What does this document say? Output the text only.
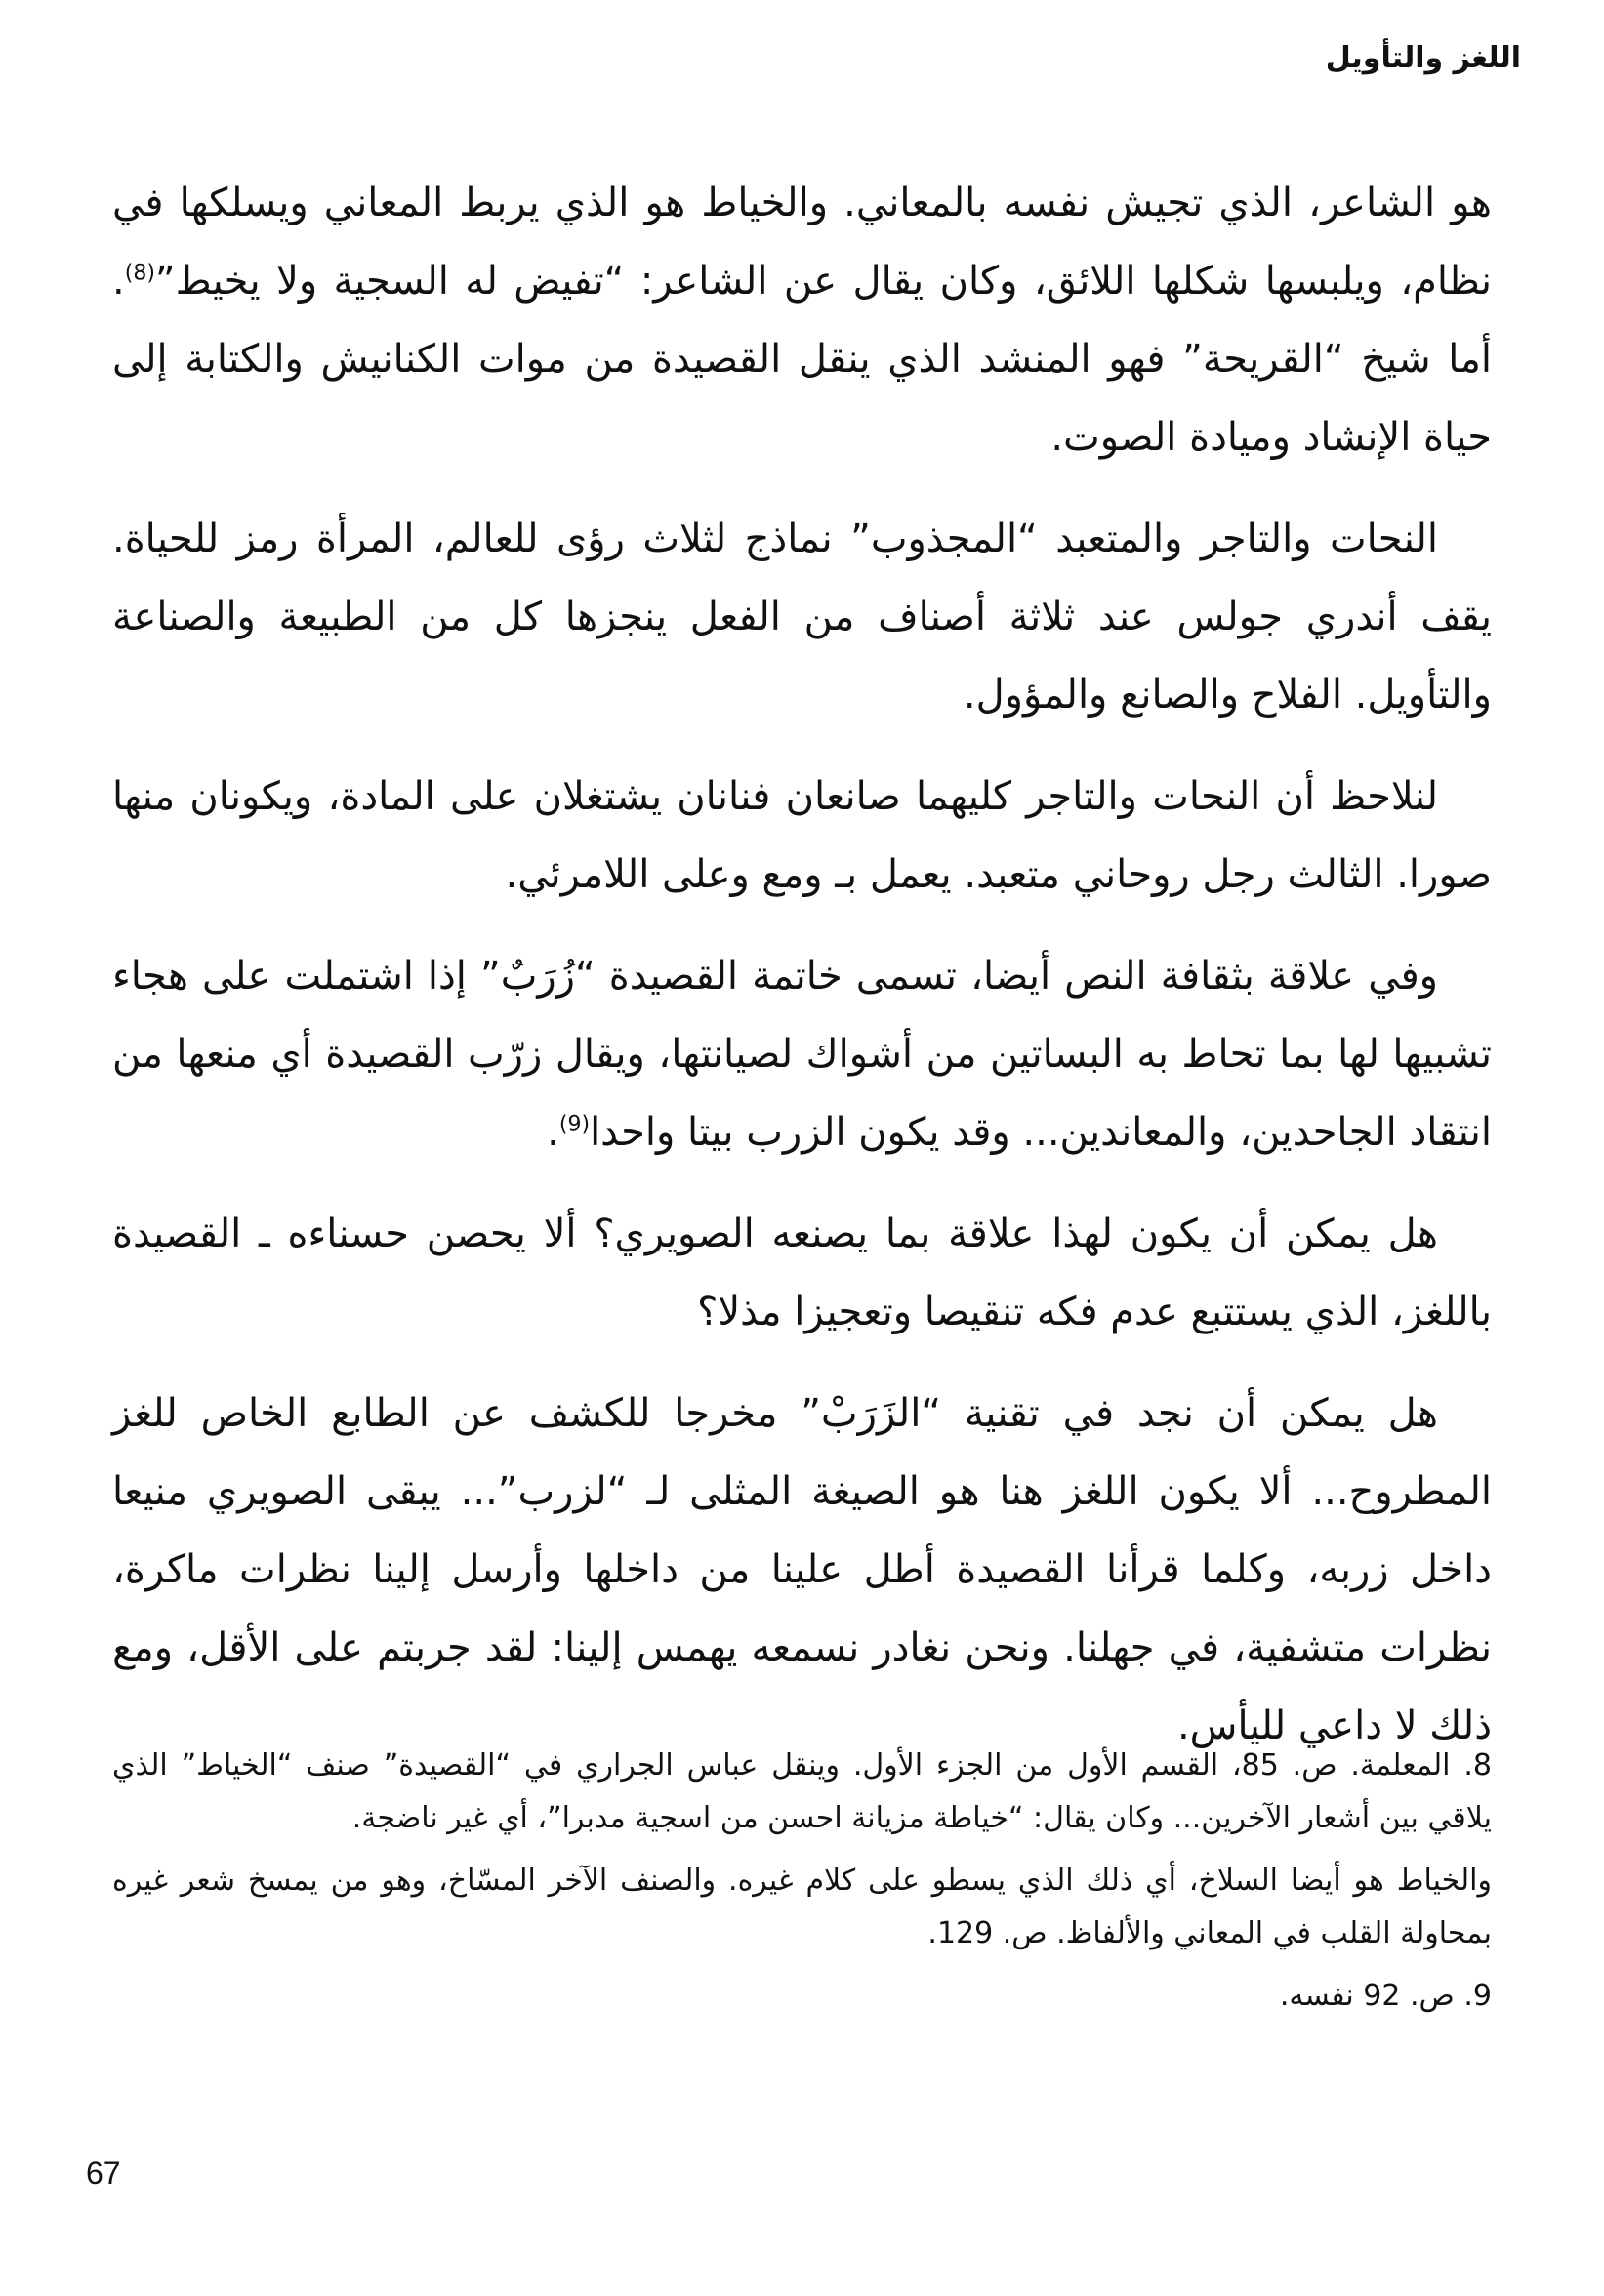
اللغز والتأويل

هو الشاعر، الذي تجيش نفسه بالمعاني. والخياط هو الذي يربط المعاني ويسلكها في نظام، ويلبسها شكلها اللائق، وكان يقال عن الشاعر: “تفيض له السجية ولا يخيط”$^{(8)}$. أما شيخ “القريحة” فهو المنشد الذي ينقل القصيدة من موات الكنانيش والكتابة إلى حياة الإنشاد وميادة الصوت.

النحات والتاجر والمتعبد “المجذوب” نماذج لثلاث رؤى للعالم، المرأة رمز للحياة. يقف أندري جولس عند ثلاثة أصناف من الفعل ينجزها كل من الطبيعة والصناعة والتأويل. الفلاح والصانع والمؤول.

لنلاحظ أن النحات والتاجر كليهما صانعان فنانان يشتغلان على المادة، ويكونان منها صورا. الثالث رجل روحاني متعبد. يعمل بـ ومع وعلى اللامرئي.

وفي علاقة بثقافة النص أيضا، تسمى خاتمة القصيدة “زُرَبٌ” إذا اشتملت على هجاء تشبيها لها بما تحاط به البساتين من أشواك لصيانتها، ويقال زرّب القصيدة أي منعها من انتقاد الجاحدين، والمعاندين... وقد يكون الزرب بيتا واحدا$^{(9)}$.

هل يمكن أن يكون لهذا علاقة بما يصنعه الصويري؟ ألا يحصن حسناءه ـ القصيدة باللغز، الذي يستتبع عدم فكه تنقيصا وتعجيزا مذلا؟

هل يمكن أن نجد في تقنية “الزَرَبْ” مخرجا للكشف عن الطابع الخاص للغز المطروح... ألا يكون اللغز هنا هو الصيغة المثلى لـ “لزرب”... يبقى الصويري منيعا داخل زربه، وكلما قرأنا القصيدة أطل علينا من داخلها وأرسل إلينا نظرات ماكرة، نظرات متشفية، في جهلنا. ونحن نغادر نسمعه يهمس إلينا: لقد جربتم على الأقل، ومع ذلك لا داعي لليأس.

8. المعلمة. ص. 85، القسم الأول من الجزء الأول. وينقل عباس الجراري في “القصيدة” صنف “الخياط” الذي يلاقي بين أشعار الآخرين... وكان يقال: “خياطة مزيانة احسن من اسجية مدبرا”، أي غير ناضجة.

والخياط هو أيضا السلاخ، أي ذلك الذي يسطو على كلام غيره. والصنف الآخر المسّاخ، وهو من يمسخ شعر غيره بمحاولة القلب في المعاني والألفاظ. ص. 129.

9. ص. 92 نفسه.

67
